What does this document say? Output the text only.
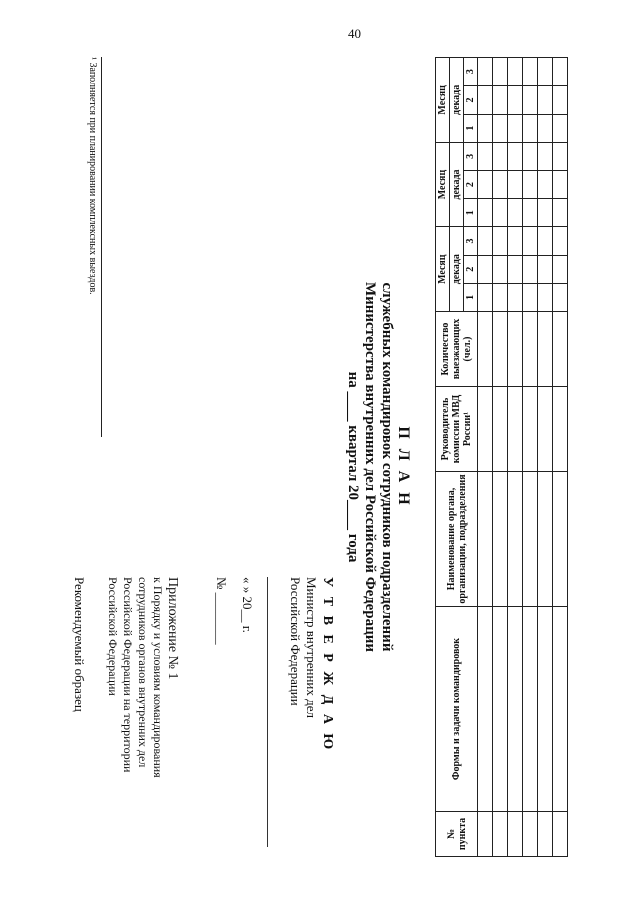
40
№ пункта	Формы и задачи командировок	Наименование органа, организации, подразделения	Руководитель комиссии МВД России¹	Количество выезжающих (чел.)	Месяц			Месяц			Месяц		
					декада			декада			декада		
					1	2	3	1	2	3	1	2	3

П Л А Н
служебных командировок сотрудников подразделений
Министерства внутренних дел Российской Федерации
на ____ квартал 20____ года
У Т В Е Р Ж Д А Ю
Министр внутренних дел
Российской Федерации
« » 20__ г.
№ ________
Приложение № 1
к Порядку и условиям командирования
сотрудников органов внутренних дел
Российской Федерации на территории
Российской Федерации
Рекомендуемый образец
¹ Заполняется при планировании комплексных выездов.
